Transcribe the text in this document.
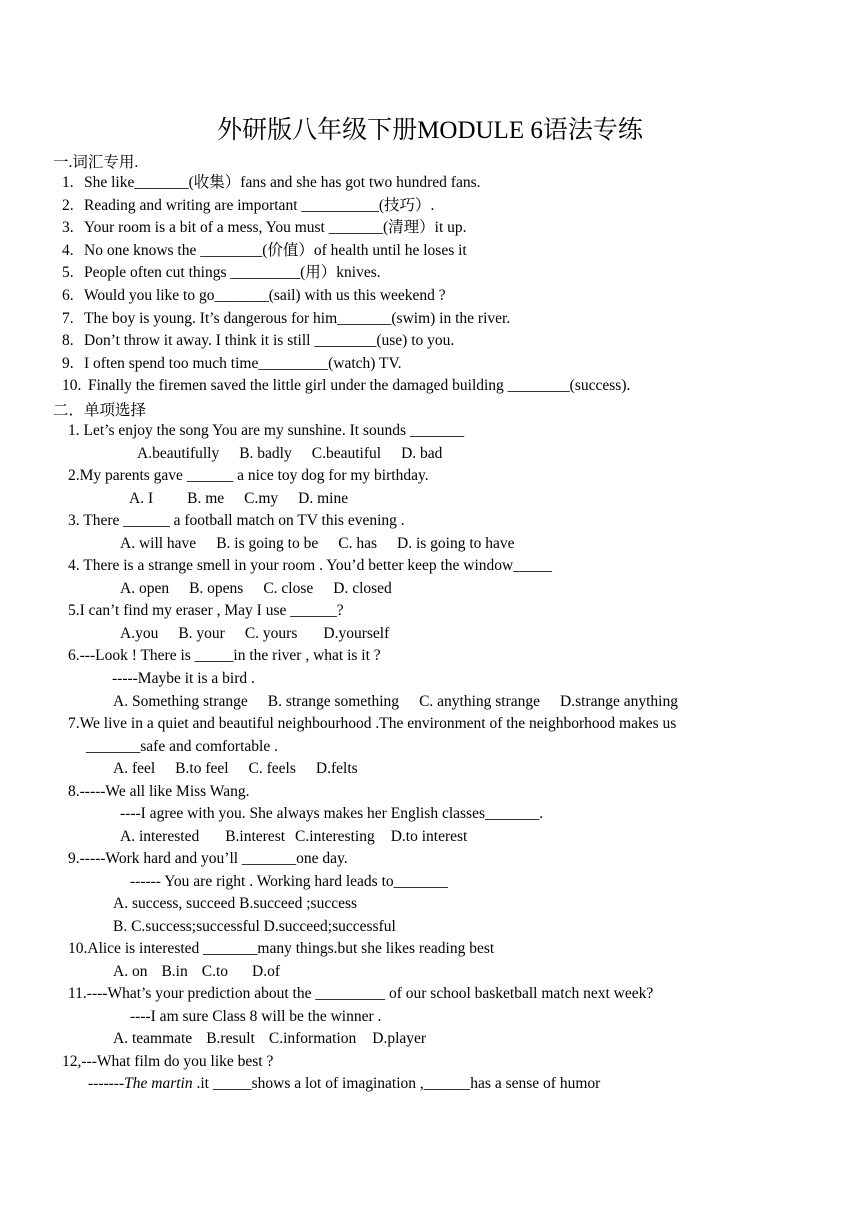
外研版八年级下册MODULE 6语法专练
一.词汇专用.
1. She like_______(收集）fans and she has got two hundred fans.
2. Reading and writing are important __________(技巧）.
3. Your room is a bit of a mess, You must _______(清理）it up.
4. No one knows the ________(价值）of health until he loses it
5. People often cut things _________(用）knives.
6. Would you like to go_______(sail) with us this weekend ?
7. The boy is young. It’s dangerous for him_______(swim) in the river.
8. Don’t throw it away. I think it is still ________(use) to you.
9. I often spend too much time_________(watch) TV.
10. Finally the firemen saved the little girl under the damaged building ________(success).
二．单项选择
1. Let’s enjoy the song You are my sunshine. It sounds _______
A.beautifully B. badly C.beautiful D. bad
2.My parents gave ______ a nice toy dog for my birthday.
A. I B. me C.my D. mine
3. There ______ a football match on TV this evening .
A. will have B. is going to be C. has D. is going to have
4. There is a strange smell in your room . You’d better keep the window_____
A. open B. opens C. close D. closed
5.I can’t find my eraser , May I use ______?
A.you B. your C. yours D.yourself
6.---Look ! There is _____in the river , what is it ?
-----Maybe it is a bird .
A. Something strange B. strange something C. anything strange D.strange anything
7.We live in a quiet and beautiful neighbourhood .The environment of the neighborhood makes us
_______safe and comfortable .
A. feel B.to feel C. feels D.felts
8.-----We all like Miss Wang.
----I agree with you. She always makes her English classes_______.
A. interested B.interest C.interesting D.to interest
9.-----Work hard and you’ll _______one day.
------ You are right . Working hard leads to_______
A. success, succeed B.succeed ;success
B. C.success;successful D.succeed;successful
10.Alice is interested _______many things.but she likes reading best
A. on B.in C.to D.of
11.----What’s your prediction about the _________ of our school basketball match next week?
----I am sure Class 8 will be the winner .
A. teammate B.result C.information D.player
12,---What film do you like best ?
-------The martin .it _____shows a lot of imagination ,______has a sense of humor
